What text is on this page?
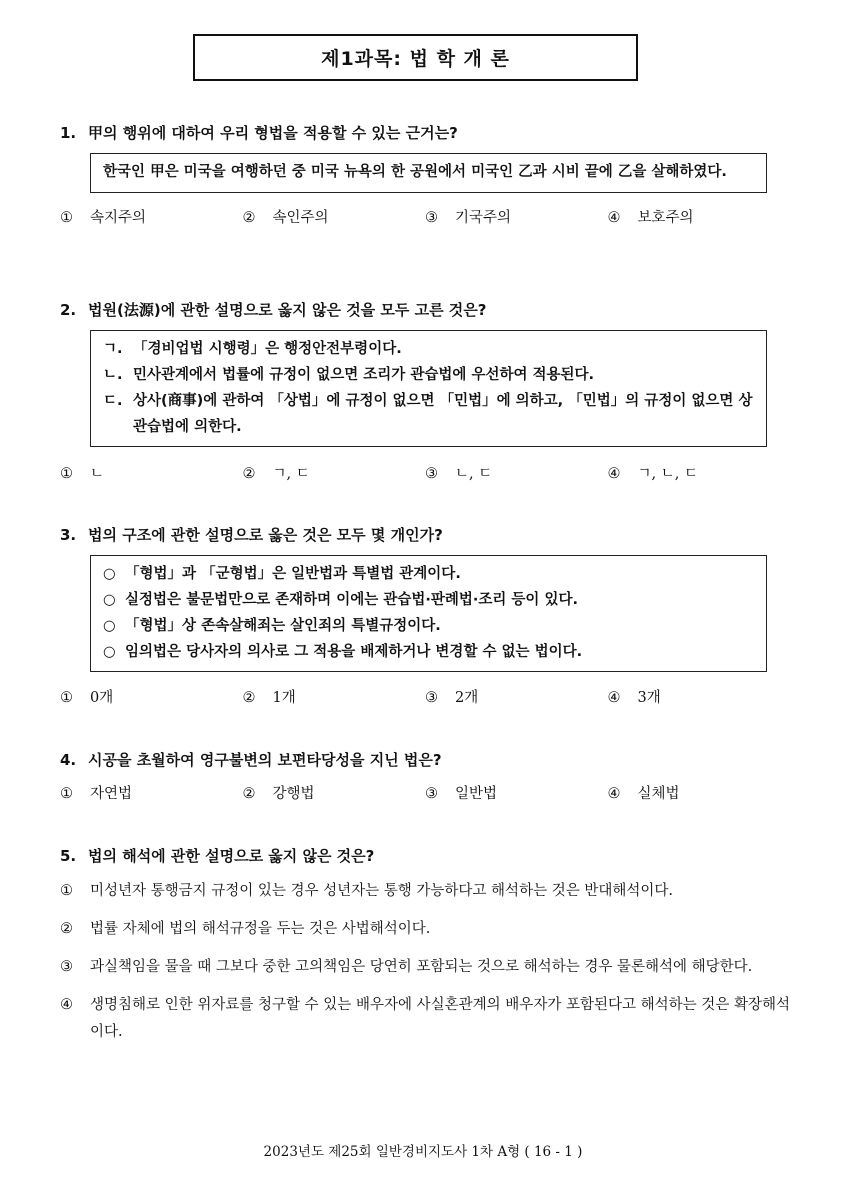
제1과목: 법 학 개 론
1. 甲의 행위에 대하여 우리 형법을 적용할 수 있는 근거는?
한국인 甲은 미국을 여행하던 중 미국 뉴욕의 한 공원에서 미국인 乙과 시비 끝에 乙을 살해하였다.
① 속지주의	② 속인주의	③ 기국주의	④ 보호주의
2. 법원(法源)에 관한 설명으로 옳지 않은 것을 모두 고른 것은?
ㄱ. 「경비업법 시행령」은 행정안전부령이다.
ㄴ. 민사관계에서 법률에 규정이 없으면 조리가 관습법에 우선하여 적용된다.
ㄷ. 상사(商事)에 관하여 「상법」에 규정이 없으면 「민법」에 의하고, 「민법」의 규정이 없으면 상관습법에 의한다.
① ㄴ	② ㄱ, ㄷ	③ ㄴ, ㄷ	④ ㄱ, ㄴ, ㄷ
3. 법의 구조에 관한 설명으로 옳은 것은 모두 몇 개인가?
○ 「형법」과 「군형법」은 일반법과 특별법 관계이다.
○ 실정법은 불문법만으로 존재하며 이에는 관습법·판례법·조리 등이 있다.
○ 「형법」상 존속살해죄는 살인죄의 특별규정이다.
○ 임의법은 당사자의 의사로 그 적용을 배제하거나 변경할 수 없는 법이다.
① 0개	② 1개	③ 2개	④ 3개
4. 시공을 초월하여 영구불변의 보편타당성을 지닌 법은?
① 자연법	② 강행법	③ 일반법	④ 실체법
5. 법의 해석에 관한 설명으로 옳지 않은 것은?
①	미성년자 통행금지 규정이 있는 경우 성년자는 통행 가능하다고 해석하는 것은 반대해석이다.
②	법률 자체에 법의 해석규정을 두는 것은 사법해석이다.
③	과실책임을 물을 때 그보다 중한 고의책임은 당연히 포함되는 것으로 해석하는 경우 물론해석에 해당한다.
④	생명침해로 인한 위자료를 청구할 수 있는 배우자에 사실혼관계의 배우자가 포함된다고 해석하는 것은 확장해석이다.
2023년도 제25회 일반경비지도사 1차 A형 ( 16 - 1 )
